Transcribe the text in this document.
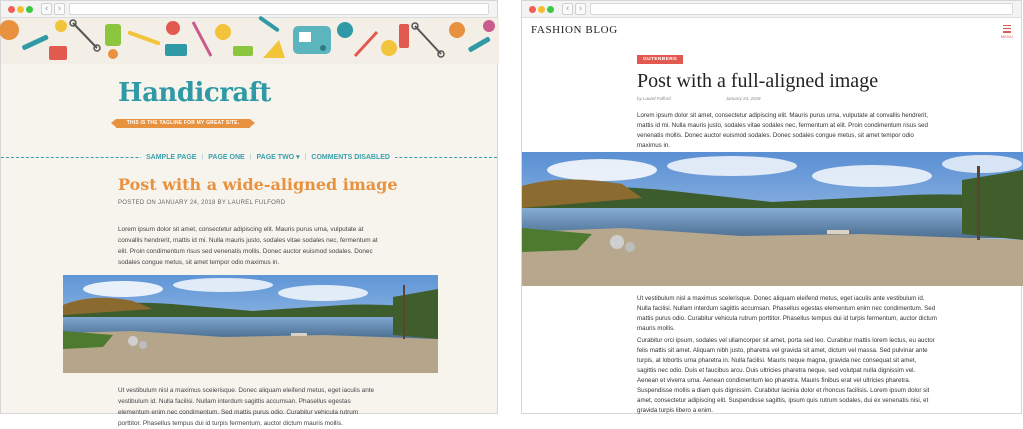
‹	›
Handicraft
THIS IS THE TAGLINE FOR MY GREAT SITE.
SAMPLE PAGE | PAGE ONE | PAGE TWO ▾ | COMMENTS DISABLED
Post with a wide-aligned image
POSTED ON JANUARY 24, 2018 BY LAUREL FULFORD
Lorem ipsum dolor sit amet, consectetur adipiscing elit. Mauris purus urna, vulputate at convallis hendrerit, mattis id mi. Nulla mauris justo, sodales vitae sodales nec, fermentum at elit. Proin condimentum risus sed venenatis mollis. Donec auctor euismod sodales. Donec sodales congue metus, sit amet tempor odio maximus in.
Ut vestibulum nisl a maximus scelerisque. Donec aliquam eleifend metus, eget iaculis ante vestibulum id. Nulla facilisi. Nullam interdum sagittis accumsan. Phasellus egestas elementum enim nec condimentum. Sed mattis purus odio. Curabitur vehicula rutrum porttitor. Phasellus tempus dui id turpis fermentum, auctor dictum mauris mollis.
‹	›
FASHION BLOG
MENU
GUTENBERG
Post with a full-aligned image
by Laurel Fulford	January 24, 2018
Lorem ipsum dolor sit amet, consectetur adipiscing elit. Mauris purus urna, vulputate at convallis hendrerit, mattis id mi. Nulla mauris justo, sodales vitae sodales nec, fermentum at elit. Proin condimentum risus sed venenatis mollis. Donec auctor euismod sodales. Donec sodales congue metus, sit amet tempor odio maximus in.
Ut vestibulum nisl a maximus scelerisque. Donec aliquam eleifend metus, eget iaculis ante vestibulum id. Nulla facilisi. Nullam interdum sagittis accumsan. Phasellus egestas elementum enim nec condimentum. Sed mattis purus odio. Curabitur vehicula rutrum porttitor. Phasellus tempus dui id turpis fermentum, auctor dictum mauris mollis.
Curabitur orci ipsum, sodales vel ullamcorper sit amet, porta sed leo. Curabitur mattis lorem lectus, eu auctor felis mattis sit amet. Aliquam nibh justo, pharetra vel gravida sit amet, dictum vel massa. Sed pulvinar ante turpis, at lobortis urna pharetra in. Nulla facilisi. Mauris neque magna, gravida nec consequat sit amet, sagittis nec odio. Duis et faucibus arcu. Duis ultricies pharetra neque, sed volutpat nulla dignissim vel. Aenean et viverra urna. Aenean condimentum leo pharetra. Mauris finibus erat vel ultricies pharetra. Suspendisse mollis a diam quis dignissim. Curabitur lacinia dolor et rhoncus facilisis. Lorem ipsum dolor sit amet, consectetur adipiscing elit. Suspendisse sagittis, ipsum quis rutrum sodales, dui ex venenatis nisi, et gravida turpis libero a enim.
